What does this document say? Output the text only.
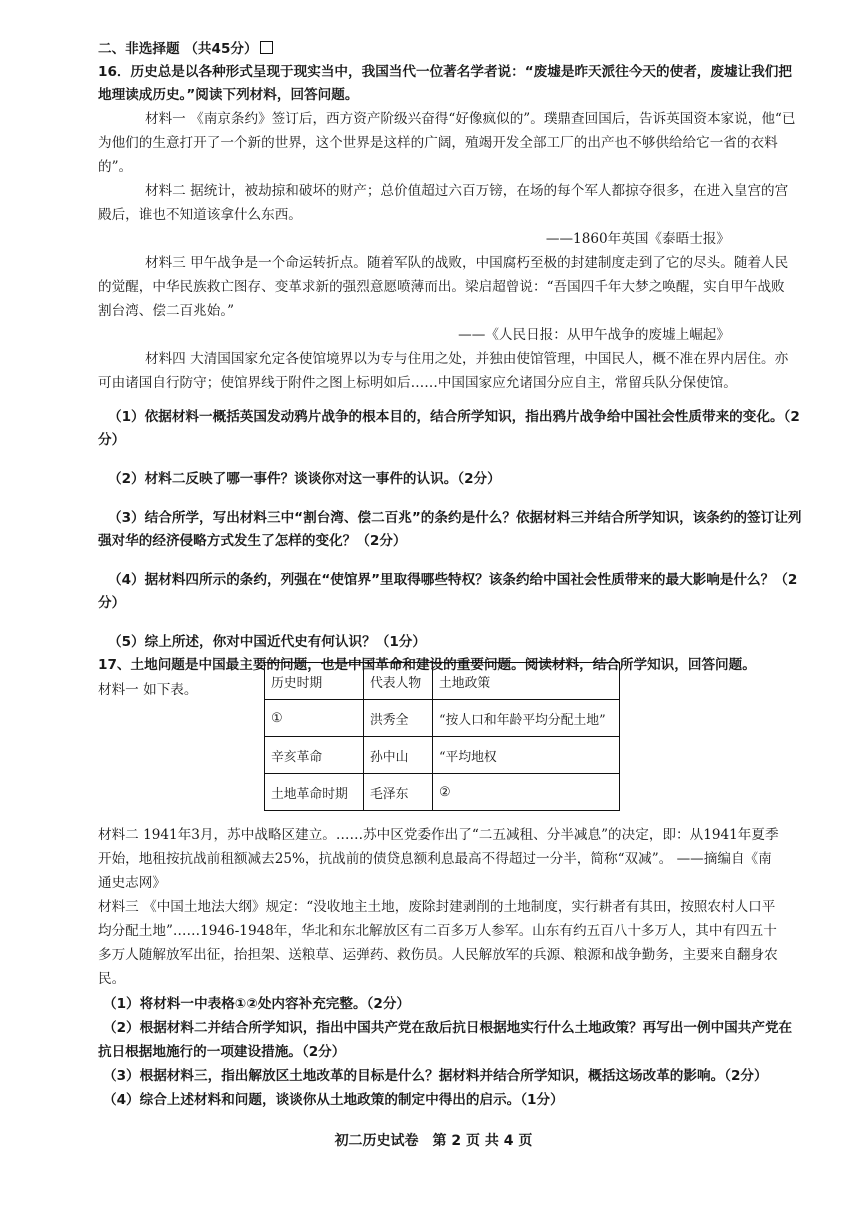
二、非选择题 （共45分）
16．历史总是以各种形式呈现于现实当中，我国当代一位著名学者说：“废墟是昨天派往今天的使者，废墟让我们把
地理读成历史。”阅读下列材料，回答问题。
材料一 《南京条约》签订后，西方资产阶级兴奋得“好像疯似的”。璞鼎查回国后，告诉英国资本家说，他“已
为他们的生意打开了一个新的世界，这个世界是这样的广阔，殖竭开发全部工厂的出产也不够供给给它一省的衣料
的”。
材料二 据统计，被劫掠和破坏的财产；总价值超过六百万镑，在场的每个军人都掠夺很多，在进入皇宫的宫
殿后，谁也不知道该拿什么东西。
——1860年英国《泰晤士报》
材料三 甲午战争是一个命运转折点。随着军队的战败，中国腐朽至极的封建制度走到了它的尽头。随着人民
的觉醒，中华民族救亡图存、变革求新的强烈意愿喷薄而出。梁启超曾说：“吾国四千年大梦之唤醒，实自甲午战败
割台湾、偿二百兆始。”
——《人民日报：从甲午战争的废墟上崛起》
材料四 大清国国家允定各使馆境界以为专与住用之处，并独由使馆管理，中国民人，概不准在界内居住。亦
可由诸国自行防守；使馆界线于附件之图上标明如后……中国国家应允诸国分应自主，常留兵队分保使馆。
（1）依据材料一概括英国发动鸦片战争的根本目的，结合所学知识，指出鸦片战争给中国社会性质带来的变化。（2
分）
（2）材料二反映了哪一事件？谈谈你对这一事件的认识。（2分）
（3）结合所学，写出材料三中“割台湾、偿二百兆”的条约是什么？依据材料三并结合所学知识，该条约的签订让列
强对华的经济侵略方式发生了怎样的变化？（2分）
（4）据材料四所示的条约，列强在“使馆界”里取得哪些特权？该条约给中国社会性质带来的最大影响是什么？（2
分）
（5）综上所述，你对中国近代史有何认识？（1分）
17、土地问题是中国最主要的问题，也是中国革命和建设的重要问题。阅读材料，结合所学知识，回答问题。
材料一 如下表。	历史时期	代表人物	土地政策
①	洪秀全	“按人口和年龄平均分配土地”
辛亥革命	孙中山	“平均地权
土地革命时期	毛泽东	②
材料二 1941年3月，苏中战略区建立。……苏中区党委作出了“二五减租、分半减息”的决定，即：从1941年夏季
开始，地租按抗战前租额减去25%，抗战前的债贷息额利息最高不得超过一分半，简称“双减”。 ——摘编自《南
通史志网》
材料三 《中国土地法大纲》规定：“没收地主土地，废除封建剥削的土地制度，实行耕者有其田，按照农村人口平
均分配土地”……1946-1948年，华北和东北解放区有二百多万人参军。山东有约五百八十多万人，其中有四五十
多万人随解放军出征，抬担架、送粮草、运弹药、救伤员。人民解放军的兵源、粮源和战争勤务，主要来自翻身农
民。
（1）将材料一中表格①②处内容补充完整。（2分）
（2）根据材料二并结合所学知识，指出中国共产党在敌后抗日根据地实行什么土地政策？再写出一例中国共产党在
抗日根据地施行的一项建设措施。（2分）
（3）根据材料三，指出解放区土地改革的目标是什么？据材料并结合所学知识，概括这场改革的影响。（2分）
（4）综合上述材料和问题，谈谈你从土地政策的制定中得出的启示。（1分）
初二历史试卷　第 2 页 共 4 页
